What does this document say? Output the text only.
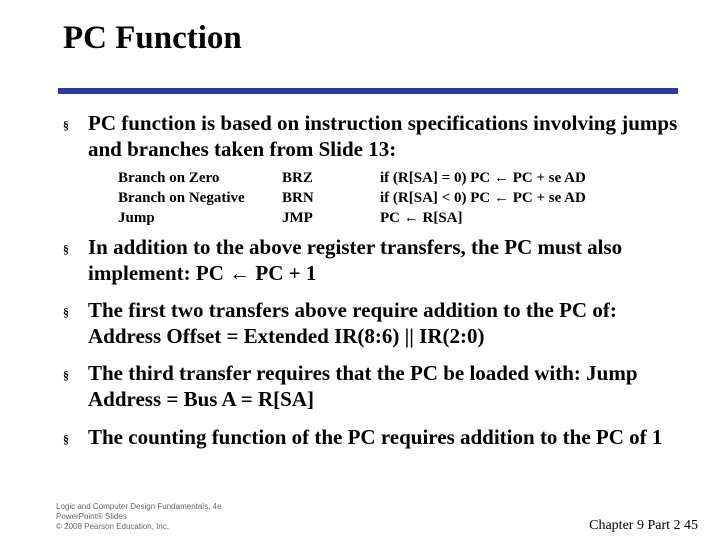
PC Function
§ PC function is based on instruction specifications involving jumps and branches taken from Slide 13:
Branch on Zero	BRZ	if (R[SA] = 0) PC ← PC + se AD
Branch on Negative BRN	if (R[SA] < 0) PC ← PC + se AD
Jump	JMP	PC ← R[SA]
§ In addition to the above register transfers, the PC must also implement: PC ← PC + 1
§ The first two transfers above require addition to the PC of: Address Offset = Extended IR(8:6) || IR(2:0)
§ The third transfer requires that the PC be loaded with: Jump Address = Bus A = R[SA]
§ The counting function of the PC requires addition to the PC of 1
Logic and Computer Design Fundamentals, 4e
PowerPoint® Slides
© 2008 Pearson Education, Inc.	Chapter 9 Part 2 45
